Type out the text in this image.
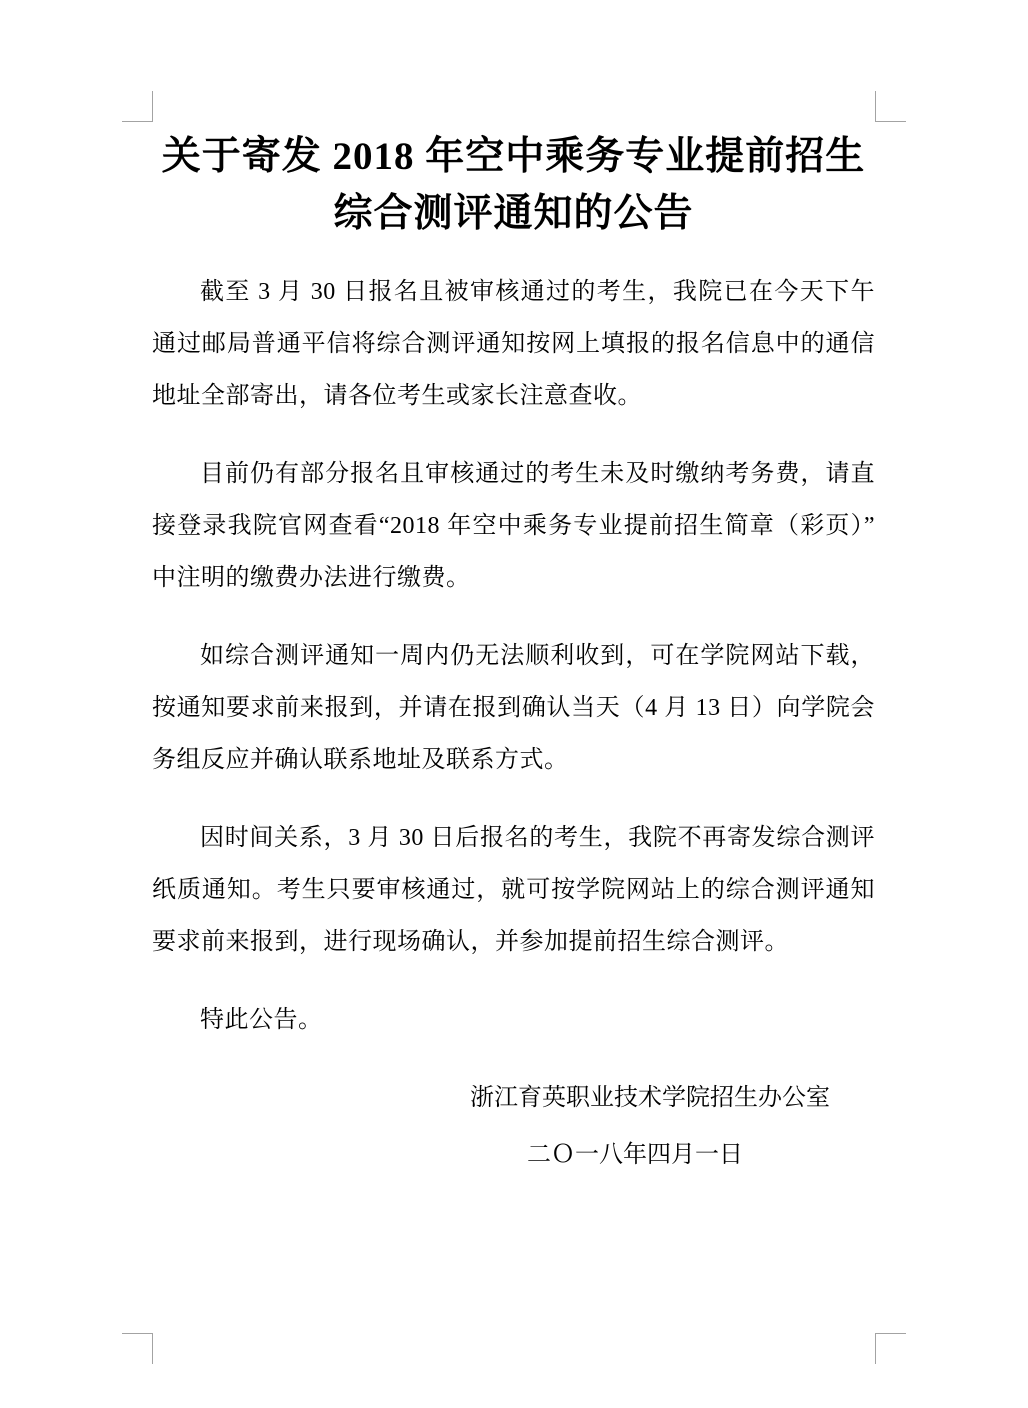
关于寄发 2018 年空中乘务专业提前招生
综合测评通知的公告

截至 3 月 30 日报名且被审核通过的考生，我院已在今天下午通过邮局普通平信将综合测评通知按网上填报的报名信息中的通信地址全部寄出，请各位考生或家长注意查收。

目前仍有部分报名且审核通过的考生未及时缴纳考务费，请直接登录我院官网查看“2018 年空中乘务专业提前招生简章（彩页）”中注明的缴费办法进行缴费。

如综合测评通知一周内仍无法顺利收到，可在学院网站下载，按通知要求前来报到，并请在报到确认当天（4 月 13 日）向学院会务组反应并确认联系地址及联系方式。

因时间关系，3 月 30 日后报名的考生，我院不再寄发综合测评纸质通知。考生只要审核通过，就可按学院网站上的综合测评通知要求前来报到，进行现场确认，并参加提前招生综合测评。

特此公告。

浙江育英职业技术学院招生办公室
二Ｏ一八年四月一日
